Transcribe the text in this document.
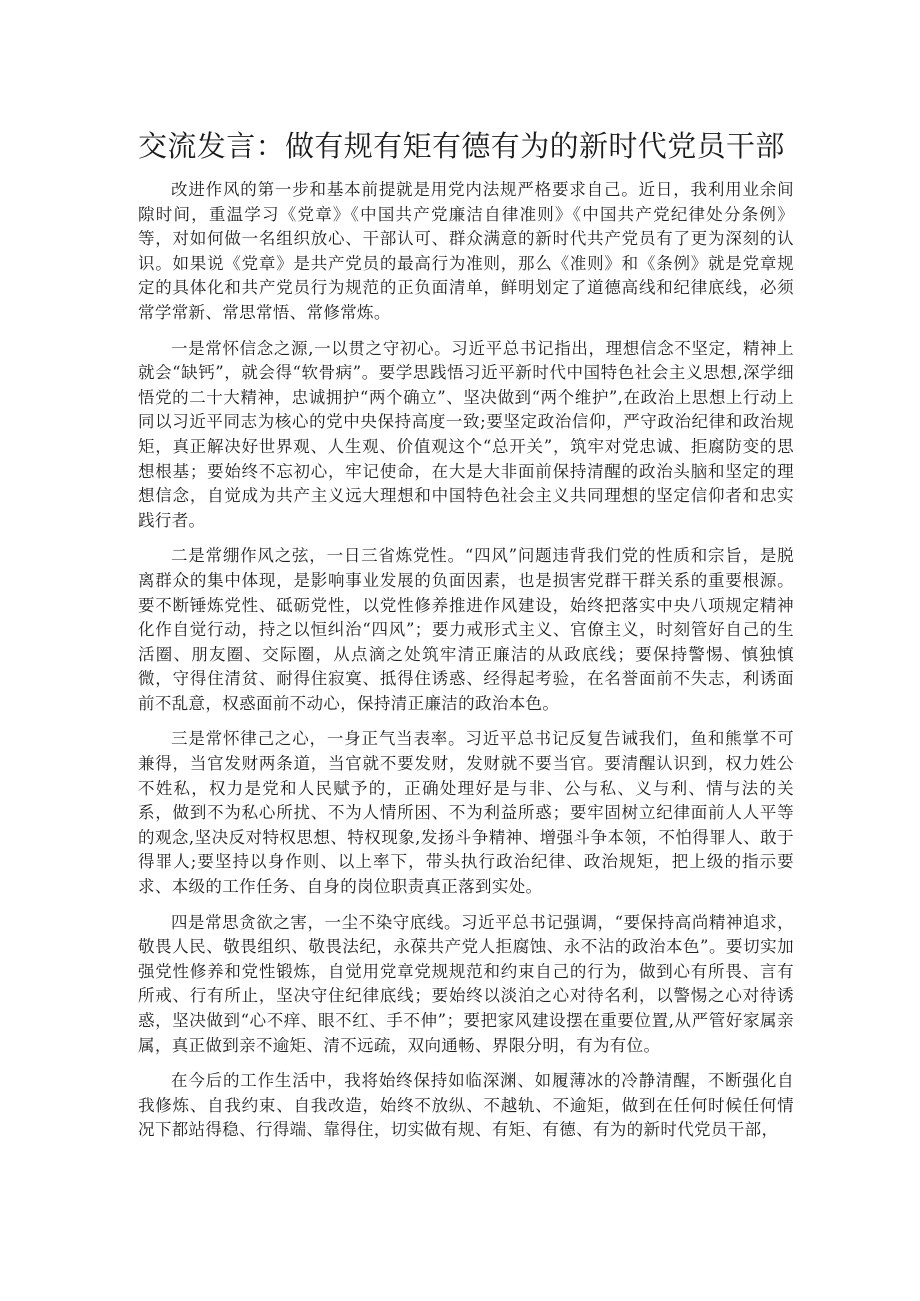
交流发言：做有规有矩有德有为的新时代党员干部

改进作风的第一步和基本前提就是用党内法规严格要求自己。近日，我利用业余间隙时间，重温学习《党章》《中国共产党廉洁自律准则》《中国共产党纪律处分条例》等，对如何做一名组织放心、干部认可、群众满意的新时代共产党员有了更为深刻的认识。如果说《党章》是共产党员的最高行为准则，那么《准则》和《条例》就是党章规定的具体化和共产党员行为规范的正负面清单，鲜明划定了道德高线和纪律底线，必须常学常新、常思常悟、常修常炼。

一是常怀信念之源,一以贯之守初心。习近平总书记指出，理想信念不坚定，精神上就会“缺钙”，就会得“软骨病”。要学思践悟习近平新时代中国特色社会主义思想,深学细悟党的二十大精神，忠诚拥护“两个确立”、坚决做到“两个维护”,在政治上思想上行动上同以习近平同志为核心的党中央保持高度一致;要坚定政治信仰，严守政治纪律和政治规矩，真正解决好世界观、人生观、价值观这个“总开关”，筑牢对党忠诚、拒腐防变的思想根基；要始终不忘初心，牢记使命，在大是大非面前保持清醒的政治头脑和坚定的理想信念，自觉成为共产主义远大理想和中国特色社会主义共同理想的坚定信仰者和忠实践行者。

二是常绷作风之弦，一日三省炼党性。“四风”问题违背我们党的性质和宗旨，是脱离群众的集中体现，是影响事业发展的负面因素，也是损害党群干群关系的重要根源。要不断锤炼党性、砥砺党性，以党性修养推进作风建设，始终把落实中央八项规定精神化作自觉行动，持之以恒纠治“四风”；要力戒形式主义、官僚主义，时刻管好自己的生活圈、朋友圈、交际圈，从点滴之处筑牢清正廉洁的从政底线；要保持警惕、慎独慎微，守得住清贫、耐得住寂寞、抵得住诱惑、经得起考验，在名誉面前不失志，利诱面前不乱意，权惑面前不动心，保持清正廉洁的政治本色。

三是常怀律己之心，一身正气当表率。习近平总书记反复告诫我们，鱼和熊掌不可兼得，当官发财两条道，当官就不要发财，发财就不要当官。要清醒认识到，权力姓公不姓私，权力是党和人民赋予的，正确处理好是与非、公与私、义与利、情与法的关系，做到不为私心所扰、不为人情所困、不为利益所惑；要牢固树立纪律面前人人平等的观念,坚决反对特权思想、特权现象,发扬斗争精神、增强斗争本领，不怕得罪人、敢于得罪人;要坚持以身作则、以上率下，带头执行政治纪律、政治规矩，把上级的指示要求、本级的工作任务、自身的岗位职责真正落到实处。

四是常思贪欲之害，一尘不染守底线。习近平总书记强调，“要保持高尚精神追求，敬畏人民、敬畏组织、敬畏法纪，永葆共产党人拒腐蚀、永不沾的政治本色”。要切实加强党性修养和党性锻炼，自觉用党章党规规范和约束自己的行为，做到心有所畏、言有所戒、行有所止，坚决守住纪律底线；要始终以淡泊之心对待名利，以警惕之心对待诱惑，坚决做到“心不痒、眼不红、手不伸”；要把家风建设摆在重要位置,从严管好家属亲属，真正做到亲不逾矩、清不远疏，双向通畅、界限分明，有为有位。

在今后的工作生活中，我将始终保持如临深渊、如履薄冰的冷静清醒，不断强化自我修炼、自我约束、自我改造，始终不放纵、不越轨、不逾矩，做到在任何时候任何情况下都站得稳、行得端、靠得住，切实做有规、有矩、有德、有为的新时代党员干部，
